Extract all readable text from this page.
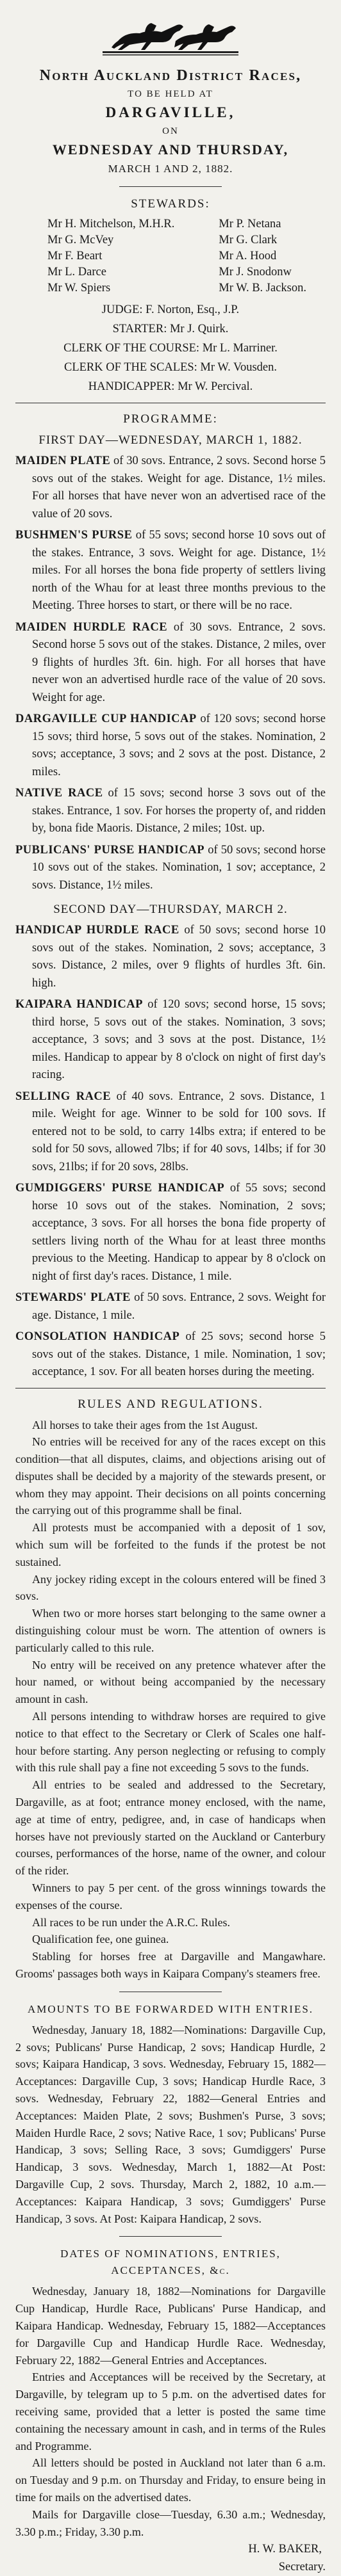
North Auckland District Races,
TO BE HELD AT
DARGAVILLE,
ON
WEDNESDAY AND THURSDAY,
MARCH 1 AND 2, 1882.
STEWARDS:
Mr H. Mitchelson, M.H.R.
Mr G. McVey
Mr F. Beart
Mr L. Darce
Mr W. Spiers
Mr P. Netana
Mr G. Clark
Mr A. Hood
Mr J. Snodonw
Mr W. B. Jackson.
JUDGE: F. Norton, Esq., J.P.
STARTER: Mr J. Quirk.
CLERK OF THE COURSE: Mr L. Marriner.
CLERK OF THE SCALES: Mr W. Vousden.
HANDICAPPER: Mr W. Percival.
PROGRAMME:
FIRST DAY—WEDNESDAY, MARCH 1, 1882.
MAIDEN PLATE of 30 sovs. Entrance, 2 sovs. Second horse 5 sovs out of the stakes. Weight for age. Distance, 1½ miles. For all horses that have never won an advertised race of the value of 20 sovs.
BUSHMEN'S PURSE of 55 sovs; second horse 10 sovs out of the stakes. Entrance, 3 sovs. Weight for age. Distance, 1½ miles. For all horses the bona fide property of settlers living north of the Whau for at least three months previous to the Meeting. Three horses to start, or there will be no race.
MAIDEN HURDLE RACE of 30 sovs. Entrance, 2 sovs. Second horse 5 sovs out of the stakes. Distance, 2 miles, over 9 flights of hurdles 3ft. 6in. high. For all horses that have never won an advertised hurdle race of the value of 20 sovs. Weight for age.
DARGAVILLE CUP HANDICAP of 120 sovs; second horse 15 sovs; third horse, 5 sovs out of the stakes. Nomination, 2 sovs; acceptance, 3 sovs; and 2 sovs at the post. Distance, 2 miles.
NATIVE RACE of 15 sovs; second horse 3 sovs out of the stakes. Entrance, 1 sov. For horses the property of, and ridden by, bona fide Maoris. Distance, 2 miles; 10st. up.
PUBLICANS' PURSE HANDICAP of 50 sovs; second horse 10 sovs out of the stakes. Nomination, 1 sov; acceptance, 2 sovs. Distance, 1½ miles.
SECOND DAY—THURSDAY, MARCH 2.
HANDICAP HURDLE RACE of 50 sovs; second horse 10 sovs out of the stakes. Nomination, 2 sovs; acceptance, 3 sovs. Distance, 2 miles, over 9 flights of hurdles 3ft. 6in. high.
KAIPARA HANDICAP of 120 sovs; second horse, 15 sovs; third horse, 5 sovs out of the stakes. Nomination, 3 sovs; acceptance, 3 sovs; and 3 sovs at the post. Distance, 1½ miles. Handicap to appear by 8 o'clock on night of first day's racing.
SELLING RACE of 40 sovs. Entrance, 2 sovs. Distance, 1 mile. Weight for age. Winner to be sold for 100 sovs. If entered not to be sold, to carry 14lbs extra; if entered to be sold for 50 sovs, allowed 7lbs; if for 40 sovs, 14lbs; if for 30 sovs, 21lbs; if for 20 sovs, 28lbs.
GUMDIGGERS' PURSE HANDICAP of 55 sovs; second horse 10 sovs out of the stakes. Nomination, 2 sovs; acceptance, 3 sovs. For all horses the bona fide property of settlers living north of the Whau for at least three months previous to the Meeting. Handicap to appear by 8 o'clock on night of first day's races. Distance, 1 mile.
STEWARDS' PLATE of 50 sovs. Entrance, 2 sovs. Weight for age. Distance, 1 mile.
CONSOLATION HANDICAP of 25 sovs; second horse 5 sovs out of the stakes. Distance, 1 mile. Nomination, 1 sov; acceptance, 1 sov. For all beaten horses during the meeting.
RULES AND REGULATIONS.
All horses to take their ages from the 1st August.
No entries will be received for any of the races except on this condition—that all disputes, claims, and objections arising out of disputes shall be decided by a majority of the stewards present, or whom they may appoint. Their decisions on all points concerning the carrying out of this programme shall be final.
All protests must be accompanied with a deposit of 1 sov, which sum will be forfeited to the funds if the protest be not sustained.
Any jockey riding except in the colours entered will be fined 3 sovs.
When two or more horses start belonging to the same owner a distinguishing colour must be worn. The attention of owners is particularly called to this rule.
No entry will be received on any pretence whatever after the hour named, or without being accompanied by the necessary amount in cash.
All persons intending to withdraw horses are required to give notice to that effect to the Secretary or Clerk of Scales one half-hour before starting. Any person neglecting or refusing to comply with this rule shall pay a fine not exceeding 5 sovs to the funds.
All entries to be sealed and addressed to the Secretary, Dargaville, as at foot; entrance money enclosed, with the name, age at time of entry, pedigree, and, in case of handicaps when horses have not previously started on the Auckland or Canterbury courses, performances of the horse, name of the owner, and colour of the rider.
Winners to pay 5 per cent. of the gross winnings towards the expenses of the course.
All races to be run under the A.R.C. Rules.
Qualification fee, one guinea.
Stabling for horses free at Dargaville and Mangawhare. Grooms' passages both ways in Kaipara Company's steamers free.
AMOUNTS TO BE FORWARDED WITH ENTRIES.
Wednesday, January 18, 1882—Nominations: Dargaville Cup, 2 sovs; Publicans' Purse Handicap, 2 sovs; Handicap Hurdle, 2 sovs; Kaipara Handicap, 3 sovs. Wednesday, February 15, 1882—Acceptances: Dargaville Cup, 3 sovs; Handicap Hurdle Race, 3 sovs. Wednesday, February 22, 1882—General Entries and Acceptances: Maiden Plate, 2 sovs; Bushmen's Purse, 3 sovs; Maiden Hurdle Race, 2 sovs; Native Race, 1 sov; Publicans' Purse Handicap, 3 sovs; Selling Race, 3 sovs; Gumdiggers' Purse Handicap, 3 sovs. Wednesday, March 1, 1882—At Post: Dargaville Cup, 2 sovs. Thursday, March 2, 1882, 10 a.m.—Acceptances: Kaipara Handicap, 3 sovs; Gumdiggers' Purse Handicap, 3 sovs. At Post: Kaipara Handicap, 2 sovs.
DATES OF NOMINATIONS, ENTRIES, ACCEPTANCES, &c.
Wednesday, January 18, 1882—Nominations for Dargaville Cup Handicap, Hurdle Race, Publicans' Purse Handicap, and Kaipara Handicap. Wednesday, February 15, 1882—Acceptances for Dargaville Cup and Handicap Hurdle Race. Wednesday, February 22, 1882—General Entries and Acceptances.
Entries and Acceptances will be received by the Secretary, at Dargaville, by telegram up to 5 p.m. on the advertised dates for receiving same, provided that a letter is posted the same time containing the necessary amount in cash, and in terms of the Rules and Programme.
All letters should be posted in Auckland not later than 6 a.m. on Tuesday and 9 p.m. on Thursday and Friday, to ensure being in time for mails on the advertised dates.
Mails for Dargaville close—Tuesday, 6.30 a.m.; Wednesday, 3.30 p.m.; Friday, 3.30 p.m.
H. W. BAKER,
Secretary.
